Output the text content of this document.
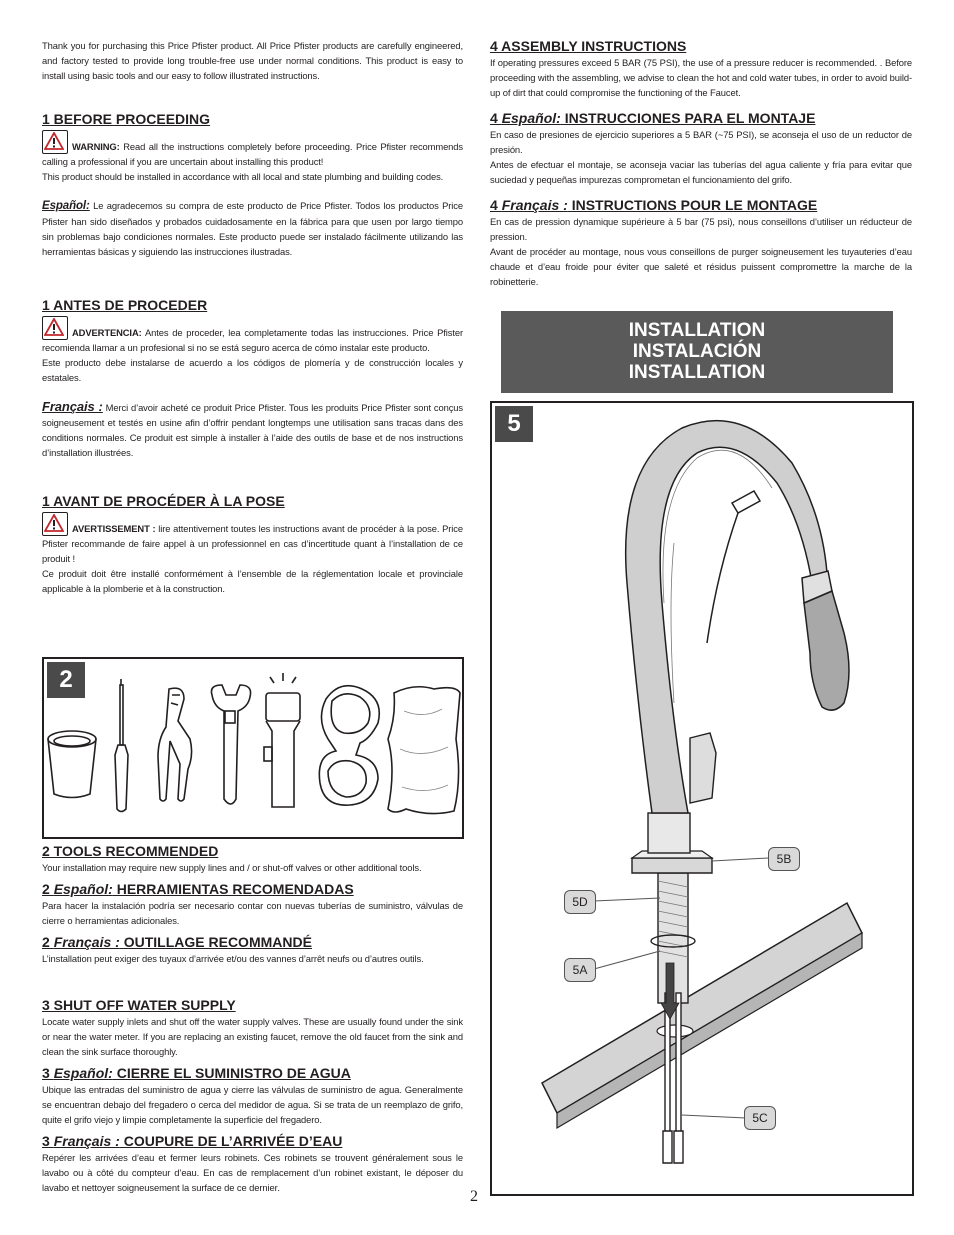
Thank you for purchasing this Price Pfister product. All Price Pfister products are carefully engineered, and factory tested to provide long trouble-free use under normal conditions. This product is easy to install using basic tools and our easy to follow illustrated instructions.

1 BEFORE PROCEEDING

WARNING: Read all the instructions completely before proceeding. Price Pfister recommends calling a professional if you are uncertain about installing this product!

This product should be installed in accordance with all local and state plumbing and building codes.

Español: Le agradecemos su compra de este producto de Price Pfister. Todos los productos Price Pfister han sido diseñados y probados cuidadosamente en la fábrica para que usen por largo tiempo sin problemas bajo condiciones normales. Este producto puede ser instalado fácilmente utilizando las herramientas básicas y siguiendo las instrucciones ilustradas.

1 ANTES DE PROCEDER

ADVERTENCIA: Antes de proceder, lea completamente todas las instrucciones. Price Pfister recomienda llamar a un profesional si no se está seguro acerca de cómo instalar este producto.

Este producto debe instalarse de acuerdo a los códigos de plomería y de construcción locales y estatales.

Français : Merci d’avoir acheté ce produit Price Pfister. Tous les produits Price Pfister sont conçus soigneusement et testés en usine afin d’offrir pendant longtemps une utilisation sans tracas dans des conditions normales. Ce produit est simple à installer à l’aide des outils de base et de nos instructions d’installation illustrées.

1 AVANT DE PROCÉDER À LA POSE

AVERTISSEMENT : lire attentivement toutes les instructions avant de procéder à la pose. Price Pfister recommande de faire appel à un professionnel en cas d’incertitude quant à l’installation de ce produit !

Ce produit doit être installé conformément à l’ensemble de la réglementation locale et provinciale applicable à la plomberie et à la construction.

2
2 TOOLS RECOMMENDED

Your installation may require new supply lines and / or shut-off valves or other additional tools.

2 Español: HERRAMIENTAS RECOMENDADAS

Para hacer la instalación podría ser necesario contar con nuevas tuberías de suministro, válvulas de cierre o herramientas adicionales.

2 Français : OUTILLAGE RECOMMANDÉ

L’installation peut exiger des tuyaux d’arrivée et/ou des vannes d’arrêt neufs ou d’autres outils.

3 SHUT OFF WATER SUPPLY

Locate water supply inlets and shut off the water supply valves. These are usually found under the sink or near the water meter. If you are replacing an existing faucet, remove the old faucet from the sink and clean the sink surface thoroughly.

3 Español: CIERRE EL SUMINISTRO DE AGUA

Ubique las entradas del suministro de agua y cierre las válvulas de suministro de agua. Generalmente se encuentran debajo del fregadero o cerca del medidor de agua. Si se trata de un reemplazo de grifo, quite el grifo viejo y limpie completamente la superficie del fregadero.

3 Français : COUPURE DE L’ARRIVÉE D’EAU

Repérer les arrivées d’eau et fermer leurs robinets. Ces robinets se trouvent généralement sous le lavabo ou à côté du compteur d’eau. En cas de remplacement d’un robinet existant, le déposer du lavabo et nettoyer soigneusement la surface de ce dernier.

4 ASSEMBLY INSTRUCTIONS

If operating pressures exceed 5 BAR (75 PSI), the use of a pressure reducer is recommended. . Before proceeding with the assembling, we advise to clean the hot and cold water tubes, in order to avoid build-up of dirt that could compromise the functioning of the Faucet.

4 Español: INSTRUCCIONES PARA EL MONTAJE

En caso de presiones de ejercicio superiores a 5 BAR (~75 PSI), se aconseja el uso de un reductor de presión.

Antes de efectuar el montaje, se aconseja vaciar las tuberías del agua caliente y fría para evitar que suciedad y pequeñas impurezas comprometan el funcionamiento del grifo.

4 Français : INSTRUCTIONS POUR LE MONTAGE

En cas de pression dynamique supérieure à 5 bar (75 psi), nous conseillons d’utiliser un réducteur de pression.

Avant de procéder au montage, nous vous conseillons de purger soigneusement les tuyauteries d’eau chaude et d’eau froide pour éviter que saleté et résidus puissent compromettre la marche de la robinetterie.

INSTALLATION
INSTALACIÓN
INSTALLATION
5
5B
5D
5A
5C
2
